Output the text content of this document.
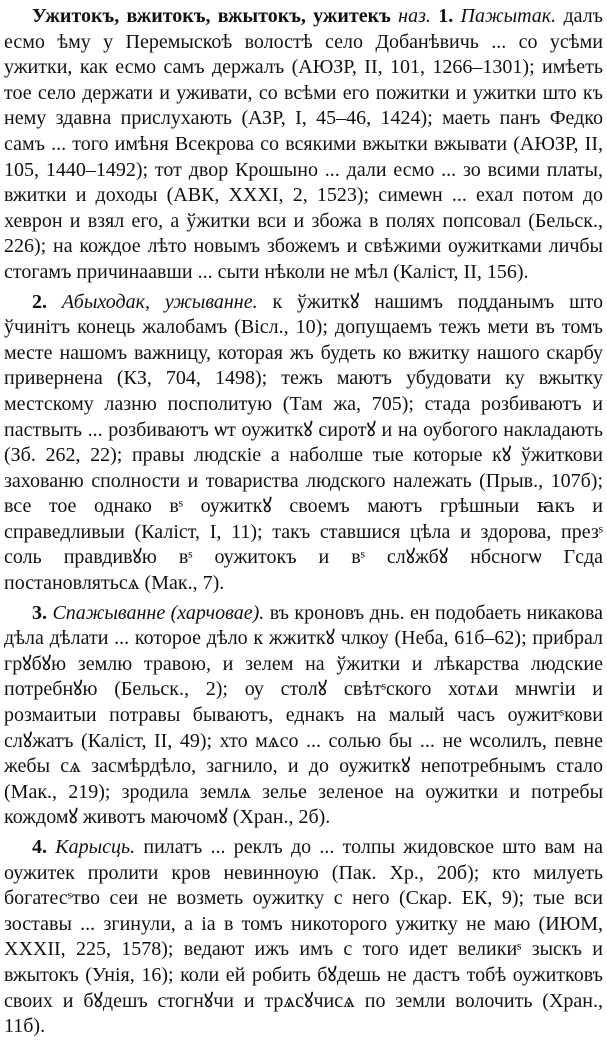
Ужитокъ, вжитокъ, вжытокъ, ужитекъ наз. 1. Пажытак. далъ есмо ѣму у Перемыскоѣ волостѣ село Добанѣвичь ... со усѣми ужитки, как есмо самъ держалъ (АЮЗР, II, 101, 1266–1301); имѣеть тое село держати и уживати, со всѣми его пожитки и ужитки што къ нему здавна прислухають (АЗР, I, 45–46, 1424); маеть панъ Федко самъ ... того имѣня Всекрова со всякими вжытки вжывати (АЮЗР, II, 105, 1440–1492); тот двор Крошыно ... дали есмо ... зо всими платы, вжитки и доходы (АВК, XXXI, 2, 1523); симеѡн ... ехал потом до хеврон и взял его, а ўжитки вси и збожа в полях попсовал (Бельск., 226); на кождое лѣто новымъ збожемъ и свѣжими оужитками личбы стогамъ причинаавши ... сыти нѣколи не мѣл (Каліст, II, 156).

2. Абыходак, ужыванне. к ўжиткꙋ нашимъ подданымъ што ўчинітъ конець жалобамъ (Вісл., 10); допущаемъ тежъ мети въ томъ месте нашомъ важницу, которая жъ будеть ко вжитку нашого скарбу привернена (КЗ, 704, 1498); тежъ маютъ убудовати ку вжытку местскому лазню посполитую (Там жа, 705); стада розбиваютъ и паствыть ... розбиваютъ ѡт оужиткꙋ сиротꙋ и на оубогого накладають (Зб. 262, 22); правы людскіе а наболше тые которые кꙋ ўжиткови захованю сполности и товариства людского належать (Прыв., 107б); все тое однако вˢ оужиткꙋ своемъ маютъ грѣшныи ꙗкъ и справедливыи (Каліст, I, 11); такъ ставшися цѣла и здорова, презˢ соль правдивꙋю вˢ оужитокъ и вˢ слꙋжбꙋ нбсногѡ Гсда постановлятьсѧ (Мак., 7).

3. Спажыванне (харчовае). въ кроновъ днь. ен подобаеть никакова дѣла дѣлати ... которое дѣло к жжиткꙋ члкоу (Неба, 61б–62); прибрал грꙋбꙋю землю травою, и зелем на ўжитки и лѣкарства людские потребнꙋю (Бельск., 2); оу столꙋ свѣтˢского хотѧи мнѡгіи и розмаитыи потравы бываютъ, еднакъ на малый часъ оужитˢкови слꙋжатъ (Каліст, II, 49); хто мѧсо ... солью бы ... не ѡсолилъ, певне жебы сѧ засмѣрдѣло, загнило, и до оужиткꙋ непотребнымъ стало (Мак., 219); зродила землѧ зелье зеленое на оужитки и потребы кождомꙋ животъ маючомꙋ (Хран., 2б).

4. Карысць. пилатъ ... реклъ до ... толпы жидовское што вам на оужитек пролити кров невинноую (Пак. Хр., 20б); кто милуеть богатесˢтво сеи не возметь оужитку с него (Скар. ЕК, 9); тые вси зоставы ... згинули, а іа в томъ никоторого ужитку не маю (ИЮМ, XXXII, 225, 1578); ведают ижъ имъ с того идет великиˢ зыскъ и вжытокъ (Унія, 16); коли ей робить бꙋдешь не дастъ тобѣ оужитковъ своих и бꙋдешъ стогнꙋчи и трѧсꙋчисѧ по земли волочить (Хран., 11б).
